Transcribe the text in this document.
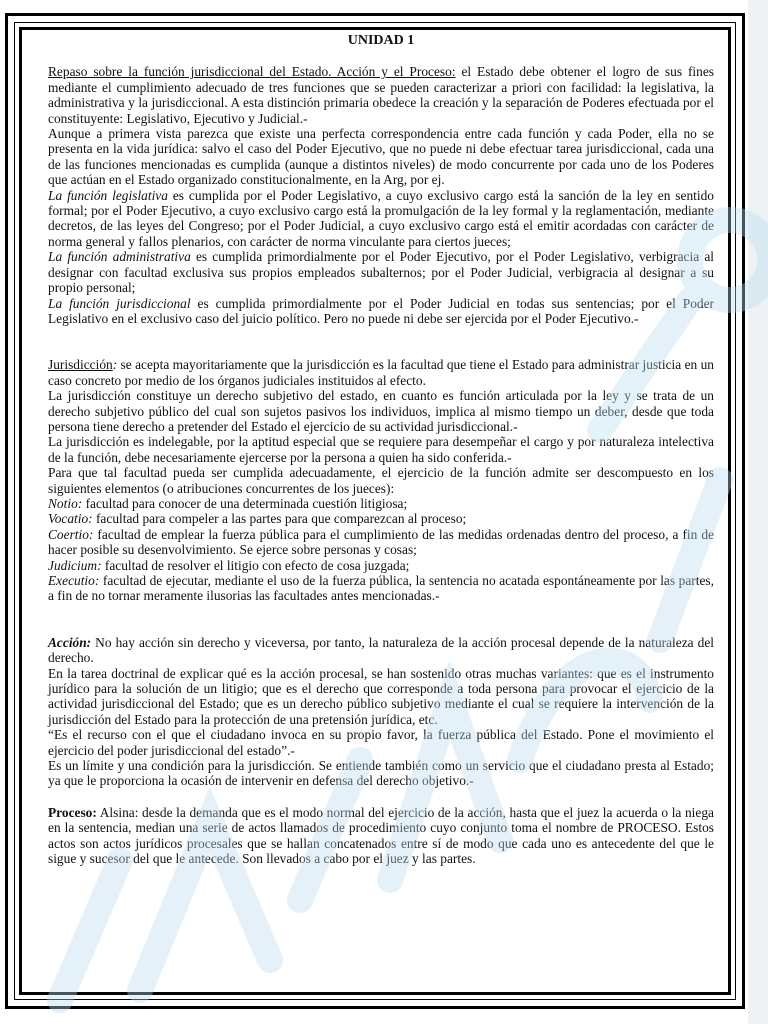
UNIDAD 1

Repaso sobre la función jurisdiccional del Estado. Acción y el Proceso: el Estado debe obtener el logro de sus fines mediante el cumplimiento adecuado de tres funciones que se pueden caracterizar a priori con facilidad: la legislativa, la administrativa y la jurisdiccional. A esta distinción primaria obedece la creación y la separación de Poderes efectuada por el constituyente: Legislativo, Ejecutivo y Judicial.-

Aunque a primera vista parezca que existe una perfecta correspondencia entre cada función y cada Poder, ella no se presenta en la vida jurídica: salvo el caso del Poder Ejecutivo, que no puede ni debe efectuar tarea jurisdiccional, cada una de las funciones mencionadas es cumplida (aunque a distintos niveles) de modo concurrente por cada uno de los Poderes que actúan en el Estado organizado constitucionalmente, en la Arg, por ej.

La función legislativa es cumplida por el Poder Legislativo, a cuyo exclusivo cargo está la sanción de la ley en sentido formal; por el Poder Ejecutivo, a cuyo exclusivo cargo está la promulgación de la ley formal y la reglamentación, mediante decretos, de las leyes del Congreso; por el Poder Judicial, a cuyo exclusivo cargo está el emitir acordadas con carácter de norma general y fallos plenarios, con carácter de norma vinculante para ciertos jueces;

La función administrativa es cumplida primordialmente por el Poder Ejecutivo, por el Poder Legislativo, verbigracia al designar con facultad exclusiva sus propios empleados subalternos; por el Poder Judicial, verbigracia al designar a su propio personal;

La función jurisdiccional es cumplida primordialmente por el Poder Judicial en todas sus sentencias; por el Poder Legislativo en el exclusivo caso del juicio político. Pero no puede ni debe ser ejercida por el Poder Ejecutivo.-

Jurisdicción: se acepta mayoritariamente que la jurisdicción es la facultad que tiene el Estado para administrar justicia en un caso concreto por medio de los órganos judiciales instituidos al efecto.

La jurisdicción constituye un derecho subjetivo del estado, en cuanto es función articulada por la ley y se trata de un derecho subjetivo público del cual son sujetos pasivos los individuos, implica al mismo tiempo un deber, desde que toda persona tiene derecho a pretender del Estado el ejercicio de su actividad jurisdiccional.-

La jurisdicción es indelegable, por la aptitud especial que se requiere para desempeñar el cargo y por naturaleza intelectiva de la función, debe necesariamente ejercerse por la persona a quien ha sido conferida.-

Para que tal facultad pueda ser cumplida adecuadamente, el ejercicio de la función admite ser descompuesto en los siguientes elementos (o atribuciones concurrentes de los jueces):

Notio: facultad para conocer de una determinada cuestión litigiosa;

Vocatio: facultad para compeler a las partes para que comparezcan al proceso;

Coertio: facultad de emplear la fuerza pública para el cumplimiento de las medidas ordenadas dentro del proceso, a fin de hacer posible su desenvolvimiento. Se ejerce sobre personas y cosas;

Judicium: facultad de resolver el litigio con efecto de cosa juzgada;

Executio: facultad de ejecutar, mediante el uso de la fuerza pública, la sentencia no acatada espontáneamente por las partes, a fin de no tornar meramente ilusorias las facultades antes mencionadas.-

Acción: No hay acción sin derecho y viceversa, por tanto, la naturaleza de la acción procesal depende de la naturaleza del derecho.

En la tarea doctrinal de explicar qué es la acción procesal, se han sostenido otras muchas variantes: que es el instrumento jurídico para la solución de un litigio; que es el derecho que corresponde a toda persona para provocar el ejercicio de la actividad jurisdiccional del Estado; que es un derecho público subjetivo mediante el cual se requiere la intervención de la jurisdicción del Estado para la protección de una pretensión jurídica, etc.

“Es el recurso con el que el ciudadano invoca en su propio favor, la fuerza pública del Estado. Pone el movimiento el ejercicio del poder jurisdiccional del estado”.-

Es un límite y una condición para la jurisdicción. Se entiende también como un servicio que el ciudadano presta al Estado; ya que le proporciona la ocasión de intervenir en defensa del derecho objetivo.-

Proceso: Alsina: desde la demanda que es el modo normal del ejercicio de la acción, hasta que el juez la acuerda o la niega en la sentencia, median una serie de actos llamados de procedimiento cuyo conjunto toma el nombre de PROCESO. Estos actos son actos jurídicos procesales que se hallan concatenados entre sí de modo que cada uno es antecedente del que le sigue y sucesor del que le antecede. Son llevados a cabo por el juez y las partes.
